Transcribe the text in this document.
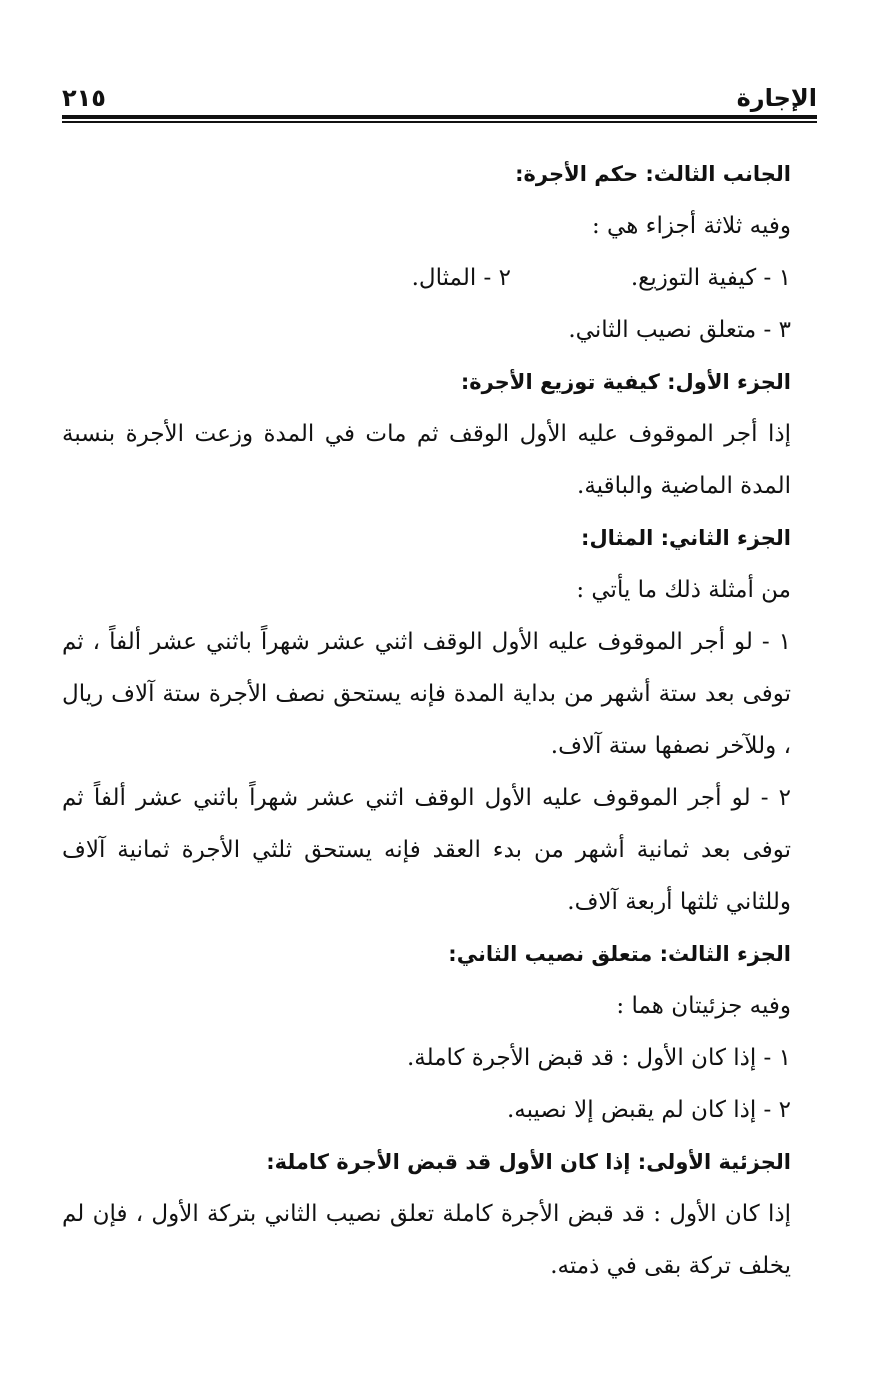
الإجارة
٢١٥

الجانب الثالث: حكم الأجرة:

وفيه ثلاثة أجزاء هي :

١ - كيفية التوزيع.
٢ - المثال.

٣ - متعلق نصيب الثاني.

الجزء الأول: كيفية توزيع الأجرة:

إذا أجر الموقوف عليه الأول الوقف ثم مات في المدة وزعت الأجرة بنسبة المدة الماضية والباقية.

الجزء الثاني: المثال:

من أمثلة ذلك ما يأتي :

١ - لو أجر الموقوف عليه الأول الوقف اثني عشر شهراً باثني عشر ألفاً ، ثم توفى بعد ستة أشهر من بداية المدة فإنه يستحق نصف الأجرة ستة آلاف ريال ، وللآخر نصفها ستة آلاف.

٢ - لو أجر الموقوف عليه الأول الوقف اثني عشر شهراً باثني عشر ألفاً ثم توفى بعد ثمانية أشهر من بدء العقد فإنه يستحق ثلثي الأجرة ثمانية آلاف وللثاني ثلثها أربعة آلاف.

الجزء الثالث: متعلق نصيب الثاني:

وفيه جزئيتان هما :

١ - إذا كان الأول : قد قبض الأجرة كاملة.

٢ - إذا كان لم يقبض إلا نصيبه.

الجزئية الأولى: إذا كان الأول قد قبض الأجرة كاملة:

إذا كان الأول : قد قبض الأجرة كاملة تعلق نصيب الثاني بتركة الأول ، فإن لم يخلف تركة بقى في ذمته.
